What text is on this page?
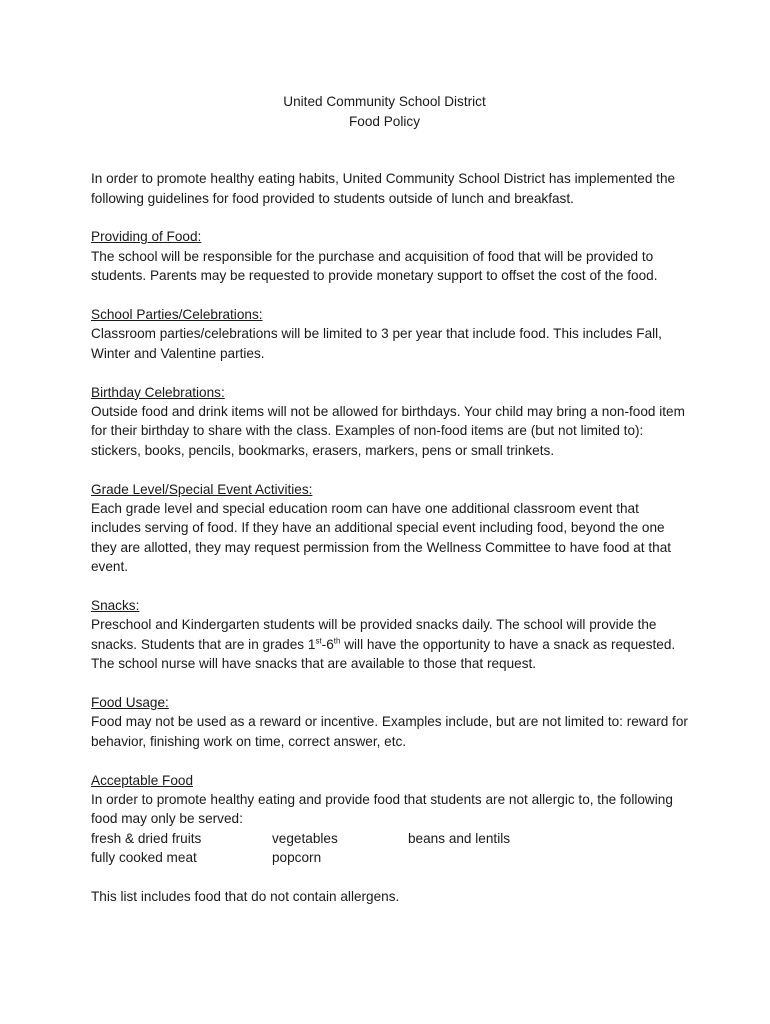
United Community School District
Food Policy

In order to promote healthy eating habits, United Community School District has implemented the following guidelines for food provided to students outside of lunch and breakfast.

Providing of Food:

The school will be responsible for the purchase and acquisition of food that will be provided to students. Parents may be requested to provide monetary support to offset the cost of the food.

School Parties/Celebrations:

Classroom parties/celebrations will be limited to 3 per year that include food. This includes Fall, Winter and Valentine parties.

Birthday Celebrations:

Outside food and drink items will not be allowed for birthdays. Your child may bring a non-food item for their birthday to share with the class. Examples of non-food items are (but not limited to): stickers, books, pencils, bookmarks, erasers, markers, pens or small trinkets.

Grade Level/Special Event Activities:

Each grade level and special education room can have one additional classroom event that includes serving of food. If they have an additional special event including food, beyond the one they are allotted, they may request permission from the Wellness Committee to have food at that event.

Snacks:

Preschool and Kindergarten students will be provided snacks daily. The school will provide the snacks. Students that are in grades 1st-6th will have the opportunity to have a snack as requested. The school nurse will have snacks that are available to those that request.

Food Usage:

Food may not be used as a reward or incentive. Examples include, but are not limited to: reward for behavior, finishing work on time, correct answer, etc.

Acceptable Food

In order to promote healthy eating and provide food that students are not allergic to, the following food may only be served:

fresh & dried fruits	vegetables	beans and lentils
fully cooked meat	popcorn

This list includes food that do not contain allergens.
